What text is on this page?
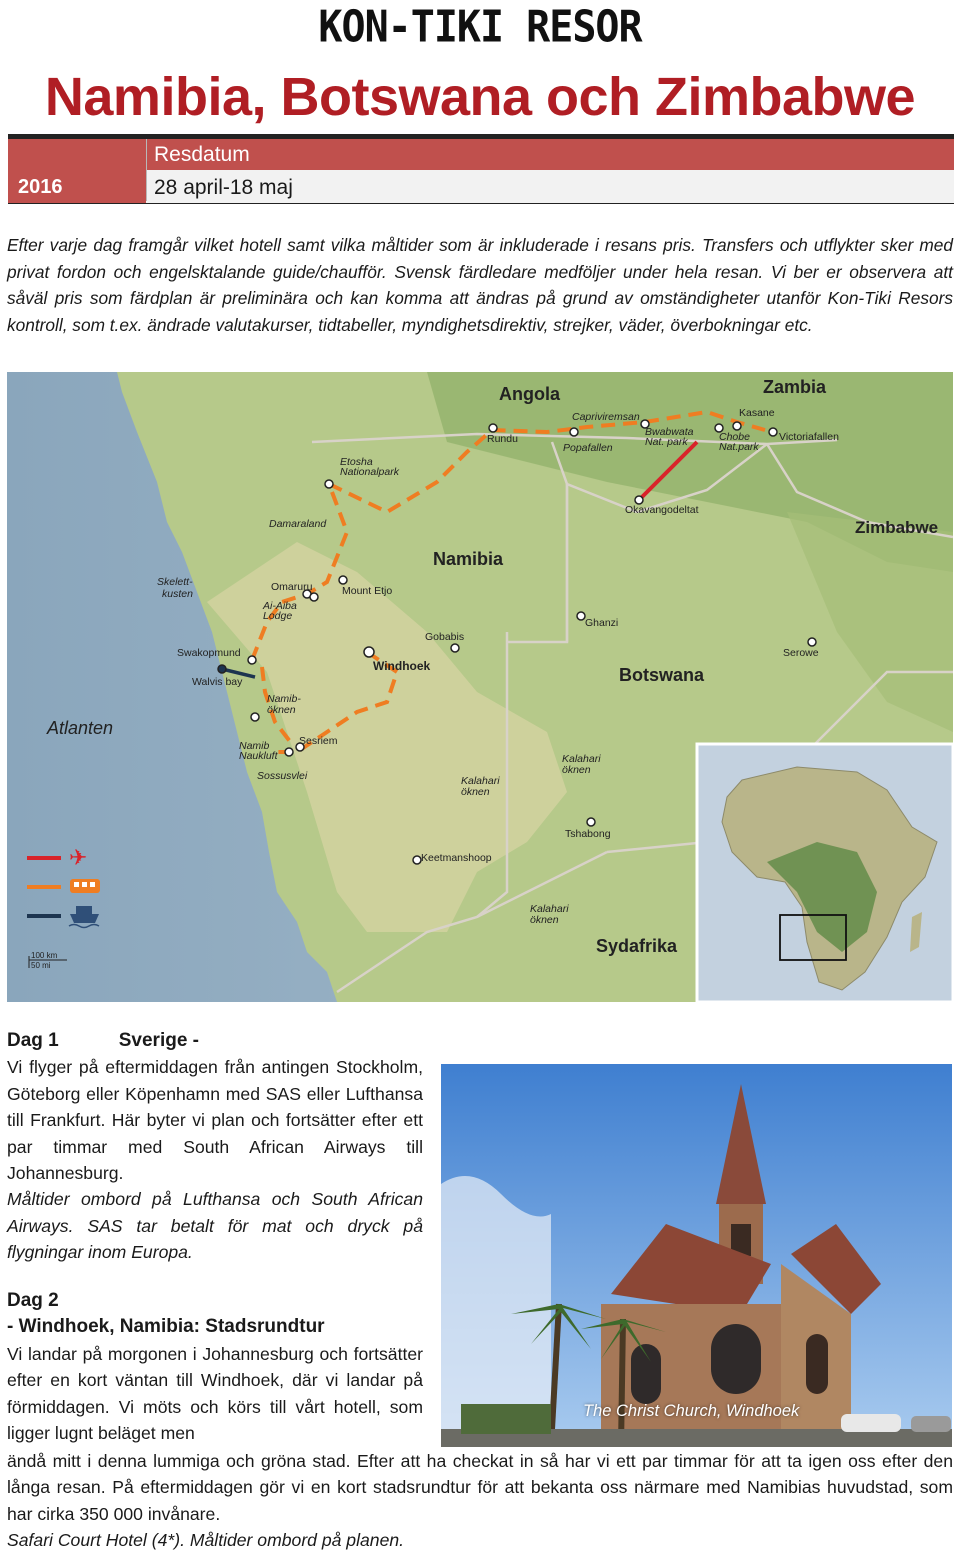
KON-TIKI RESOR
Namibia, Botswana och Zimbabwe
Resdatum
2016	28 april-18 maj
Efter varje dag framgår vilket hotell samt vilka måltider som är inkluderade i resans pris. Transfers och utflykter sker med privat fordon och engelsktalande guide/chaufför. Svensk färdledare medföljer under hela resan. Vi ber er observera att såväl pris som färdplan är preliminära och kan komma att ändras på grund av omständigheter utanför Kon-Tiki Resors kontroll, som t.ex. ändrade valutakurser, tidtabeller, myndighetsdirektiv, strejker, väder, överbokningar etc.
Angola	Zambia
Namibia
Zimbabwe
Botswana
Sydafrika
Atlanten
Capriviremsan	Kasane
Rundu
Bwabwata
Nat. park	Chobe
Nat.park
Victoriafallen
Popafallen
Etosha
Nationalpark
Okavangodeltat
Damaraland
Skelett-
kusten
Omaruru	Mount Etjo
Ai-Aiba
Lodge
Ghanzi
Gobabis
Swakopmund
Windhoek
Serowe
Walvis bay
Namib-
öknen
Sesriem
Namib
Naukluft
Sossusvlei	Kalahari
öknen
Kalahari
öknen
Tshabong
Keetmanshoop
Kalahari
öknen
✈
100 km
50 mi
Dag 1	Sverige -
Vi flyger på eftermiddagen från antingen Stockholm, Göteborg eller Köpenhamn med SAS eller Lufthansa till Frankfurt. Här byter vi plan och fortsätter efter ett par timmar med South African Airways till Johannesburg.
Måltider ombord på Lufthansa och South African Airways. SAS tar betalt för mat och dryck på flygningar inom Europa.
The Christ Church, Windhoek
Dag 2
- Windhoek, Namibia: Stadsrundtur
Vi landar på morgonen i Johannesburg och fortsätter efter en kort väntan till Windhoek, där vi landar på förmiddagen. Vi möts och körs till vårt hotell, som ligger lugnt beläget men
ändå mitt i denna lummiga och gröna stad. Efter att ha checkat in så har vi ett par timmar för att ta igen oss efter den långa resan. På eftermiddagen gör vi en kort stadsrundtur för att bekanta oss närmare med Namibias huvudstad, som har cirka 350 000 invånare.
Safari Court Hotel (4*). Måltider ombord på planen.
